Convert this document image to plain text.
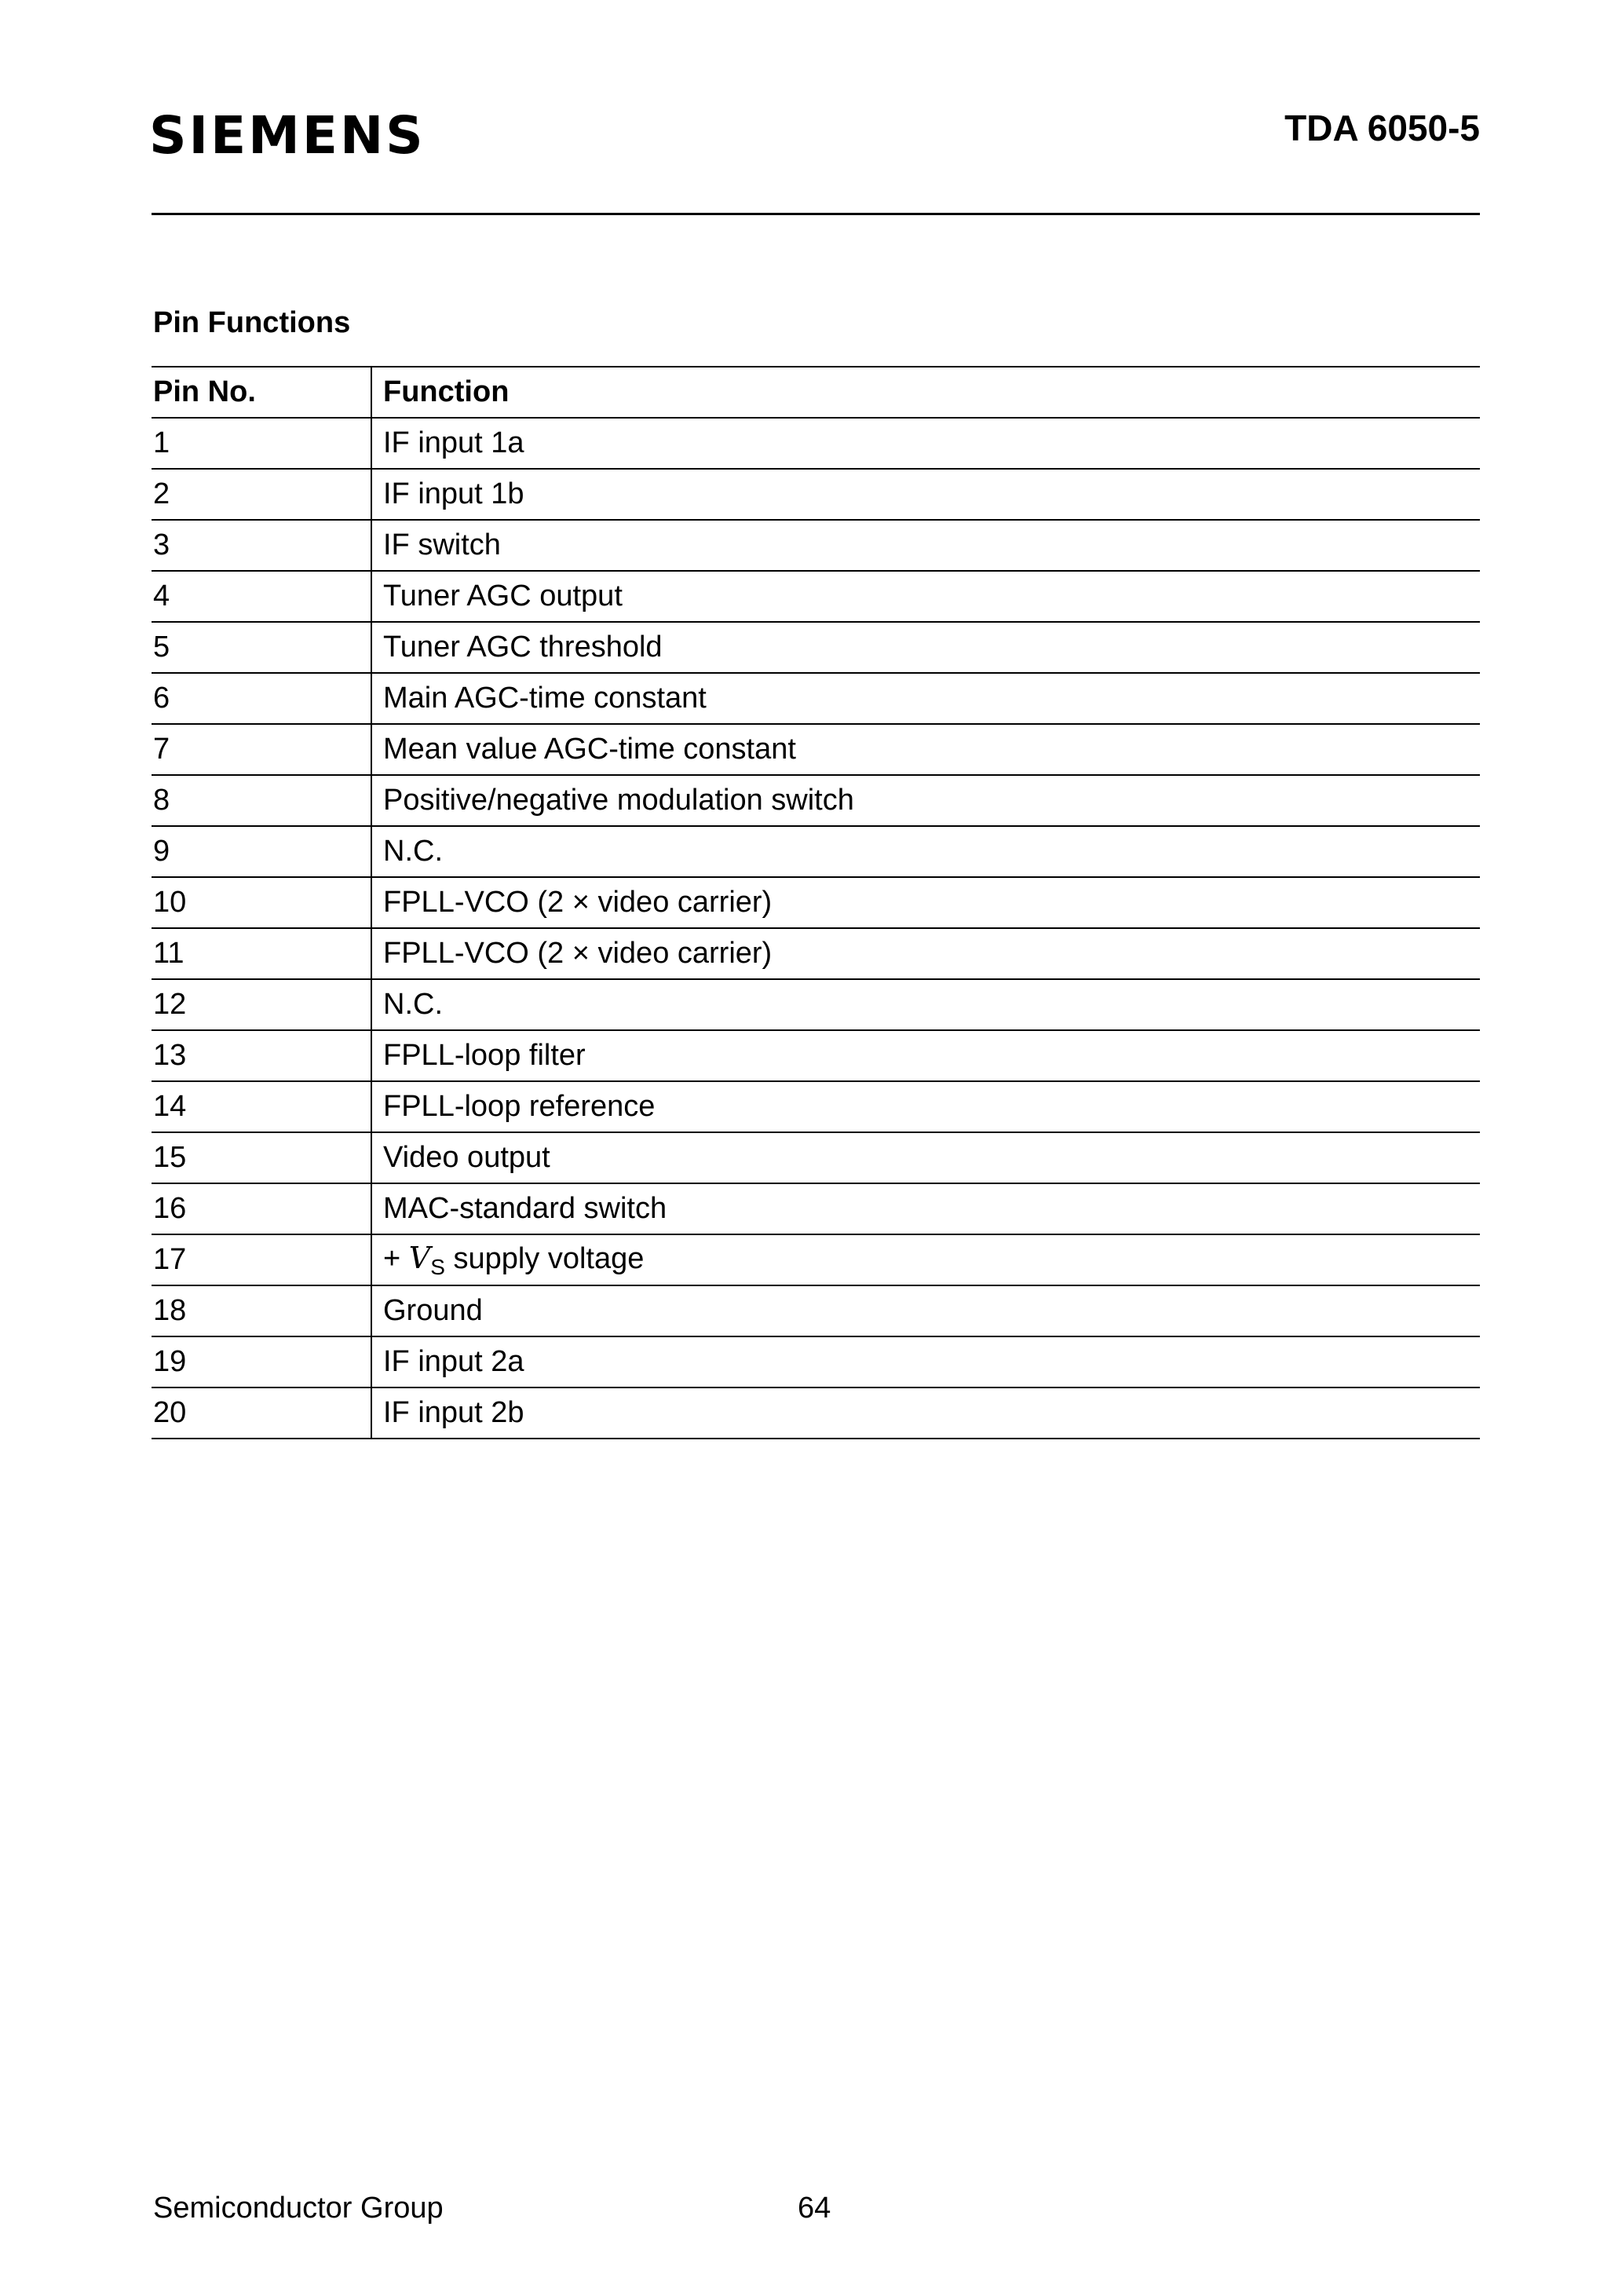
SIEMENS	TDA 6050-5
Pin Functions
Pin No.	Function
1	IF input 1a
2	IF input 1b
3	IF switch
4	Tuner AGC output
5	Tuner AGC threshold
6	Main AGC-time constant
7	Mean value AGC-time constant
8	Positive/negative modulation switch
9	N.C.
10	FPLL-VCO (2 × video carrier)
11	FPLL-VCO (2 × video carrier)
12	N.C.
13	FPLL-loop filter
14	FPLL-loop reference
15	Video output
16	MAC-standard switch
17	+ $V_S$ supply voltage
18	Ground
19	IF input 2a
20	IF input 2b
Semiconductor Group	64
